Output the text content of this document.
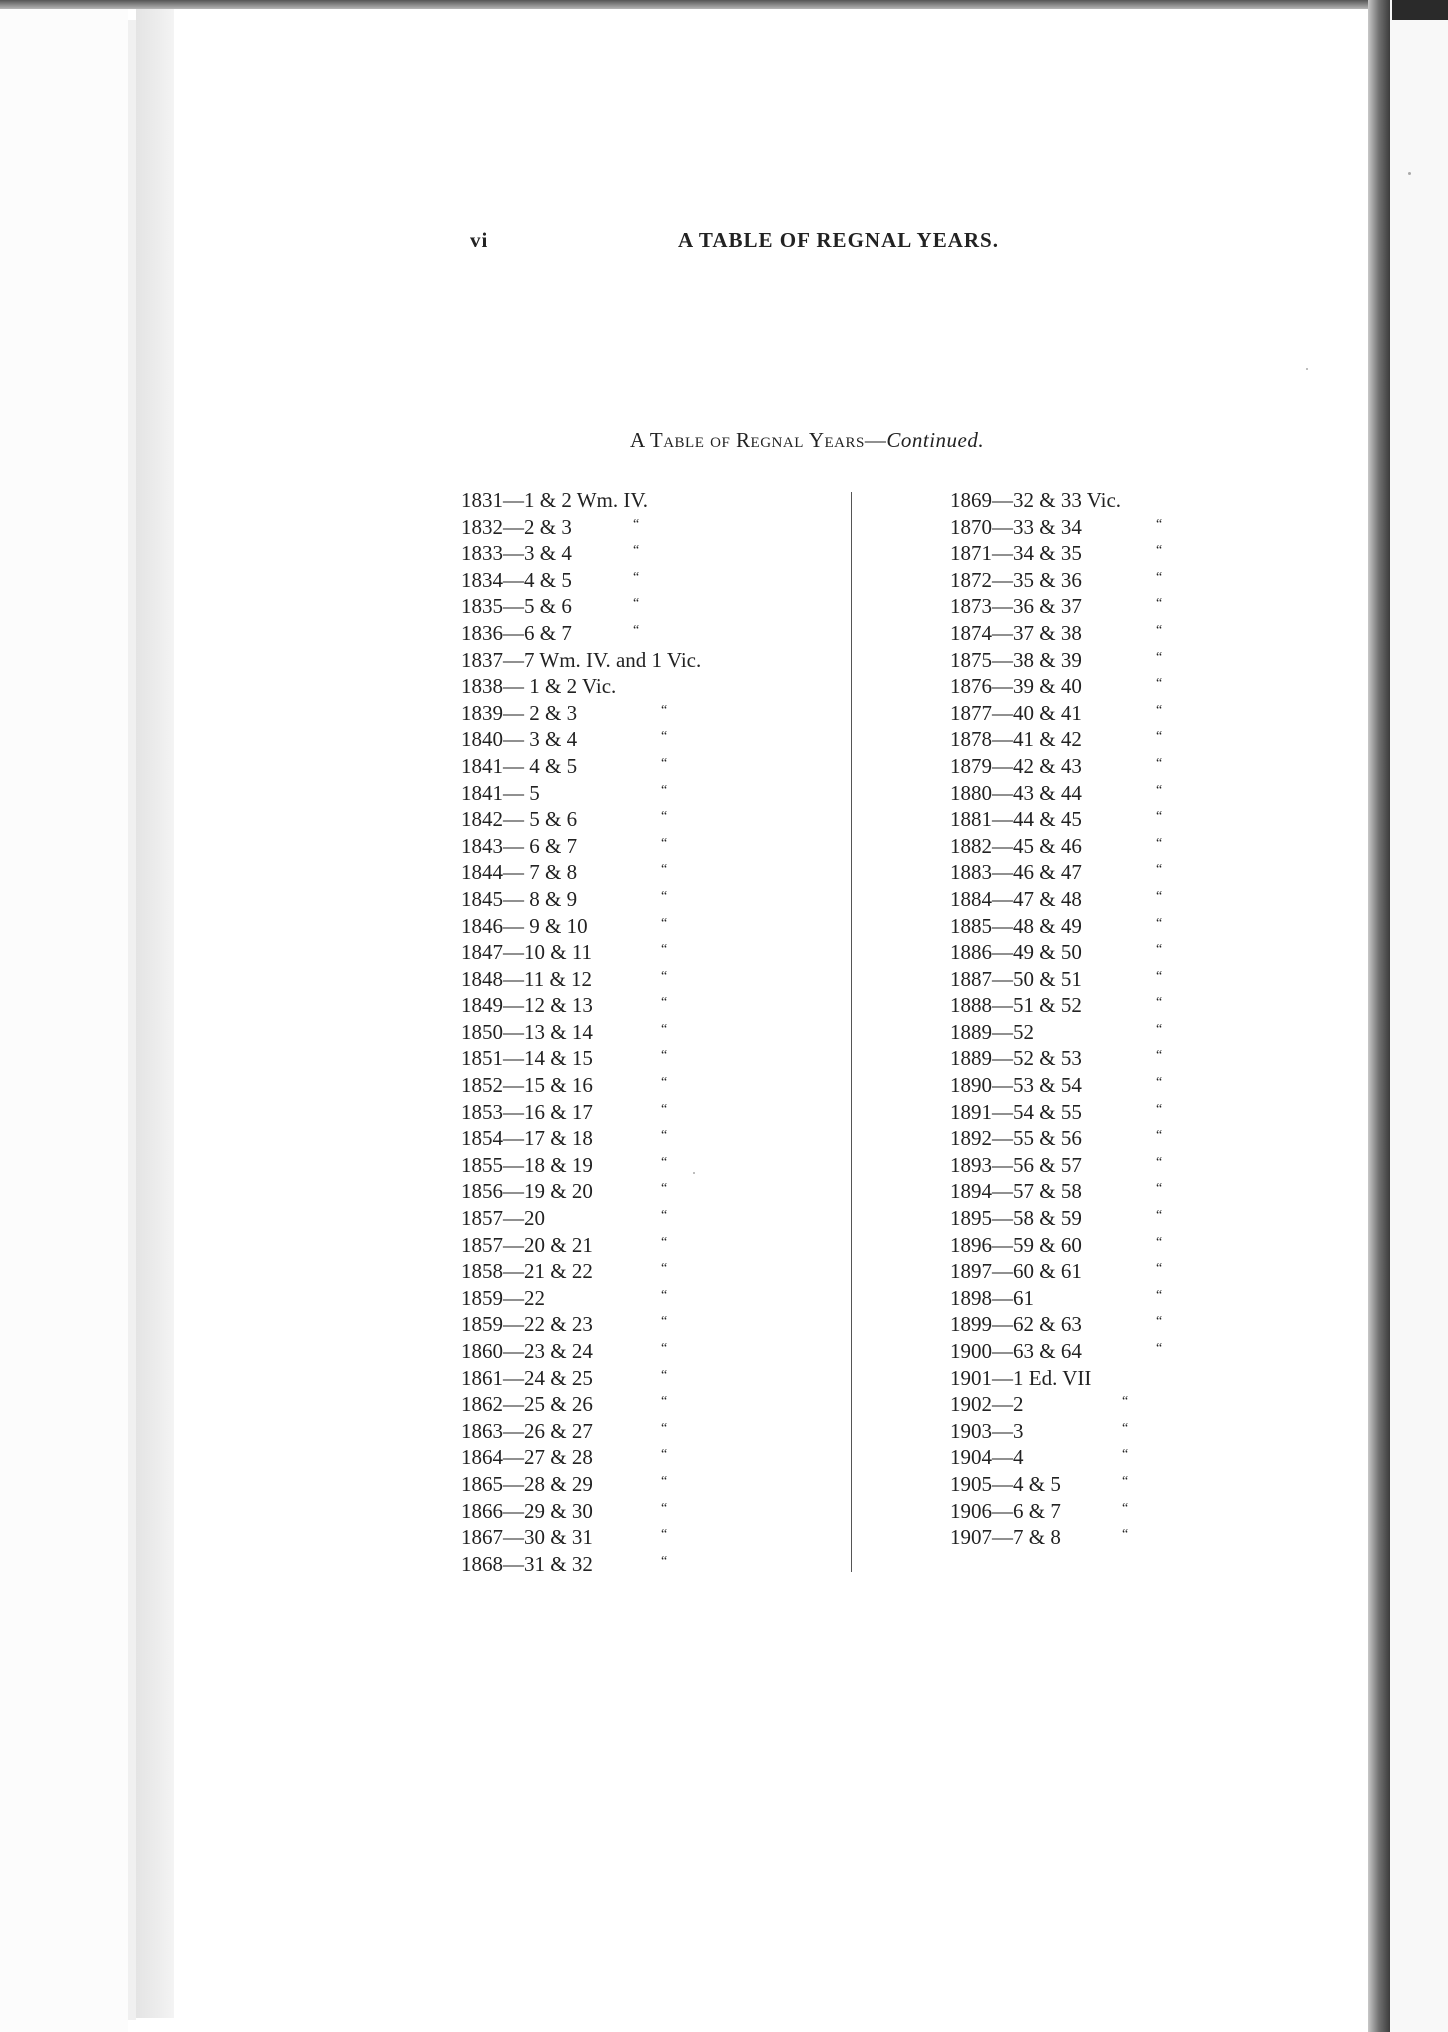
vi	A TABLE OF REGNAL YEARS.
A Table of Regnal Years—Continued.
1831—1 & 2 Wm. IV.
1832—2 & 3	“
1833—3 & 4	“
1834—4 & 5	“
1835—5 & 6	“
1836—6 & 7	“
1837—7 Wm. IV. and 1 Vic.
1838— 1 & 2 Vic.
1839— 2 & 3	“
1840— 3 & 4	“
1841— 4 & 5	“
1841— 5	“
1842— 5 & 6	“
1843— 6 & 7	“
1844— 7 & 8	“
1845— 8 & 9	“
1846— 9 & 10	“
1847—10 & 11	“
1848—11 & 12	“
1849—12 & 13	“
1850—13 & 14	“
1851—14 & 15	“
1852—15 & 16	“
1853—16 & 17	“
1854—17 & 18	“
1855—18 & 19	“
1856—19 & 20	“
1857—20	“
1857—20 & 21	“
1858—21 & 22	“
1859—22	“
1859—22 & 23	“
1860—23 & 24	“
1861—24 & 25	“
1862—25 & 26	“
1863—26 & 27	“
1864—27 & 28	“
1865—28 & 29	“
1866—29 & 30	“
1867—30 & 31	“
1868—31 & 32	“
1869—32 & 33 Vic.
1870—33 & 34	“
1871—34 & 35	“
1872—35 & 36	“
1873—36 & 37	“
1874—37 & 38	“
1875—38 & 39	“
1876—39 & 40	“
1877—40 & 41	“
1878—41 & 42	“
1879—42 & 43	“
1880—43 & 44	“
1881—44 & 45	“
1882—45 & 46	“
1883—46 & 47	“
1884—47 & 48	“
1885—48 & 49	“
1886—49 & 50	“
1887—50 & 51	“
1888—51 & 52	“
1889—52	“
1889—52 & 53	“
1890—53 & 54	“
1891—54 & 55	“
1892—55 & 56	“
1893—56 & 57	“
1894—57 & 58	“
1895—58 & 59	“
1896—59 & 60	“
1897—60 & 61	“
1898—61	“
1899—62 & 63	“
1900—63 & 64	“
1901—1 Ed. VII
1902—2	“
1903—3	“
1904—4	“
1905—4 & 5	“
1906—6 & 7	“
1907—7 & 8	“
